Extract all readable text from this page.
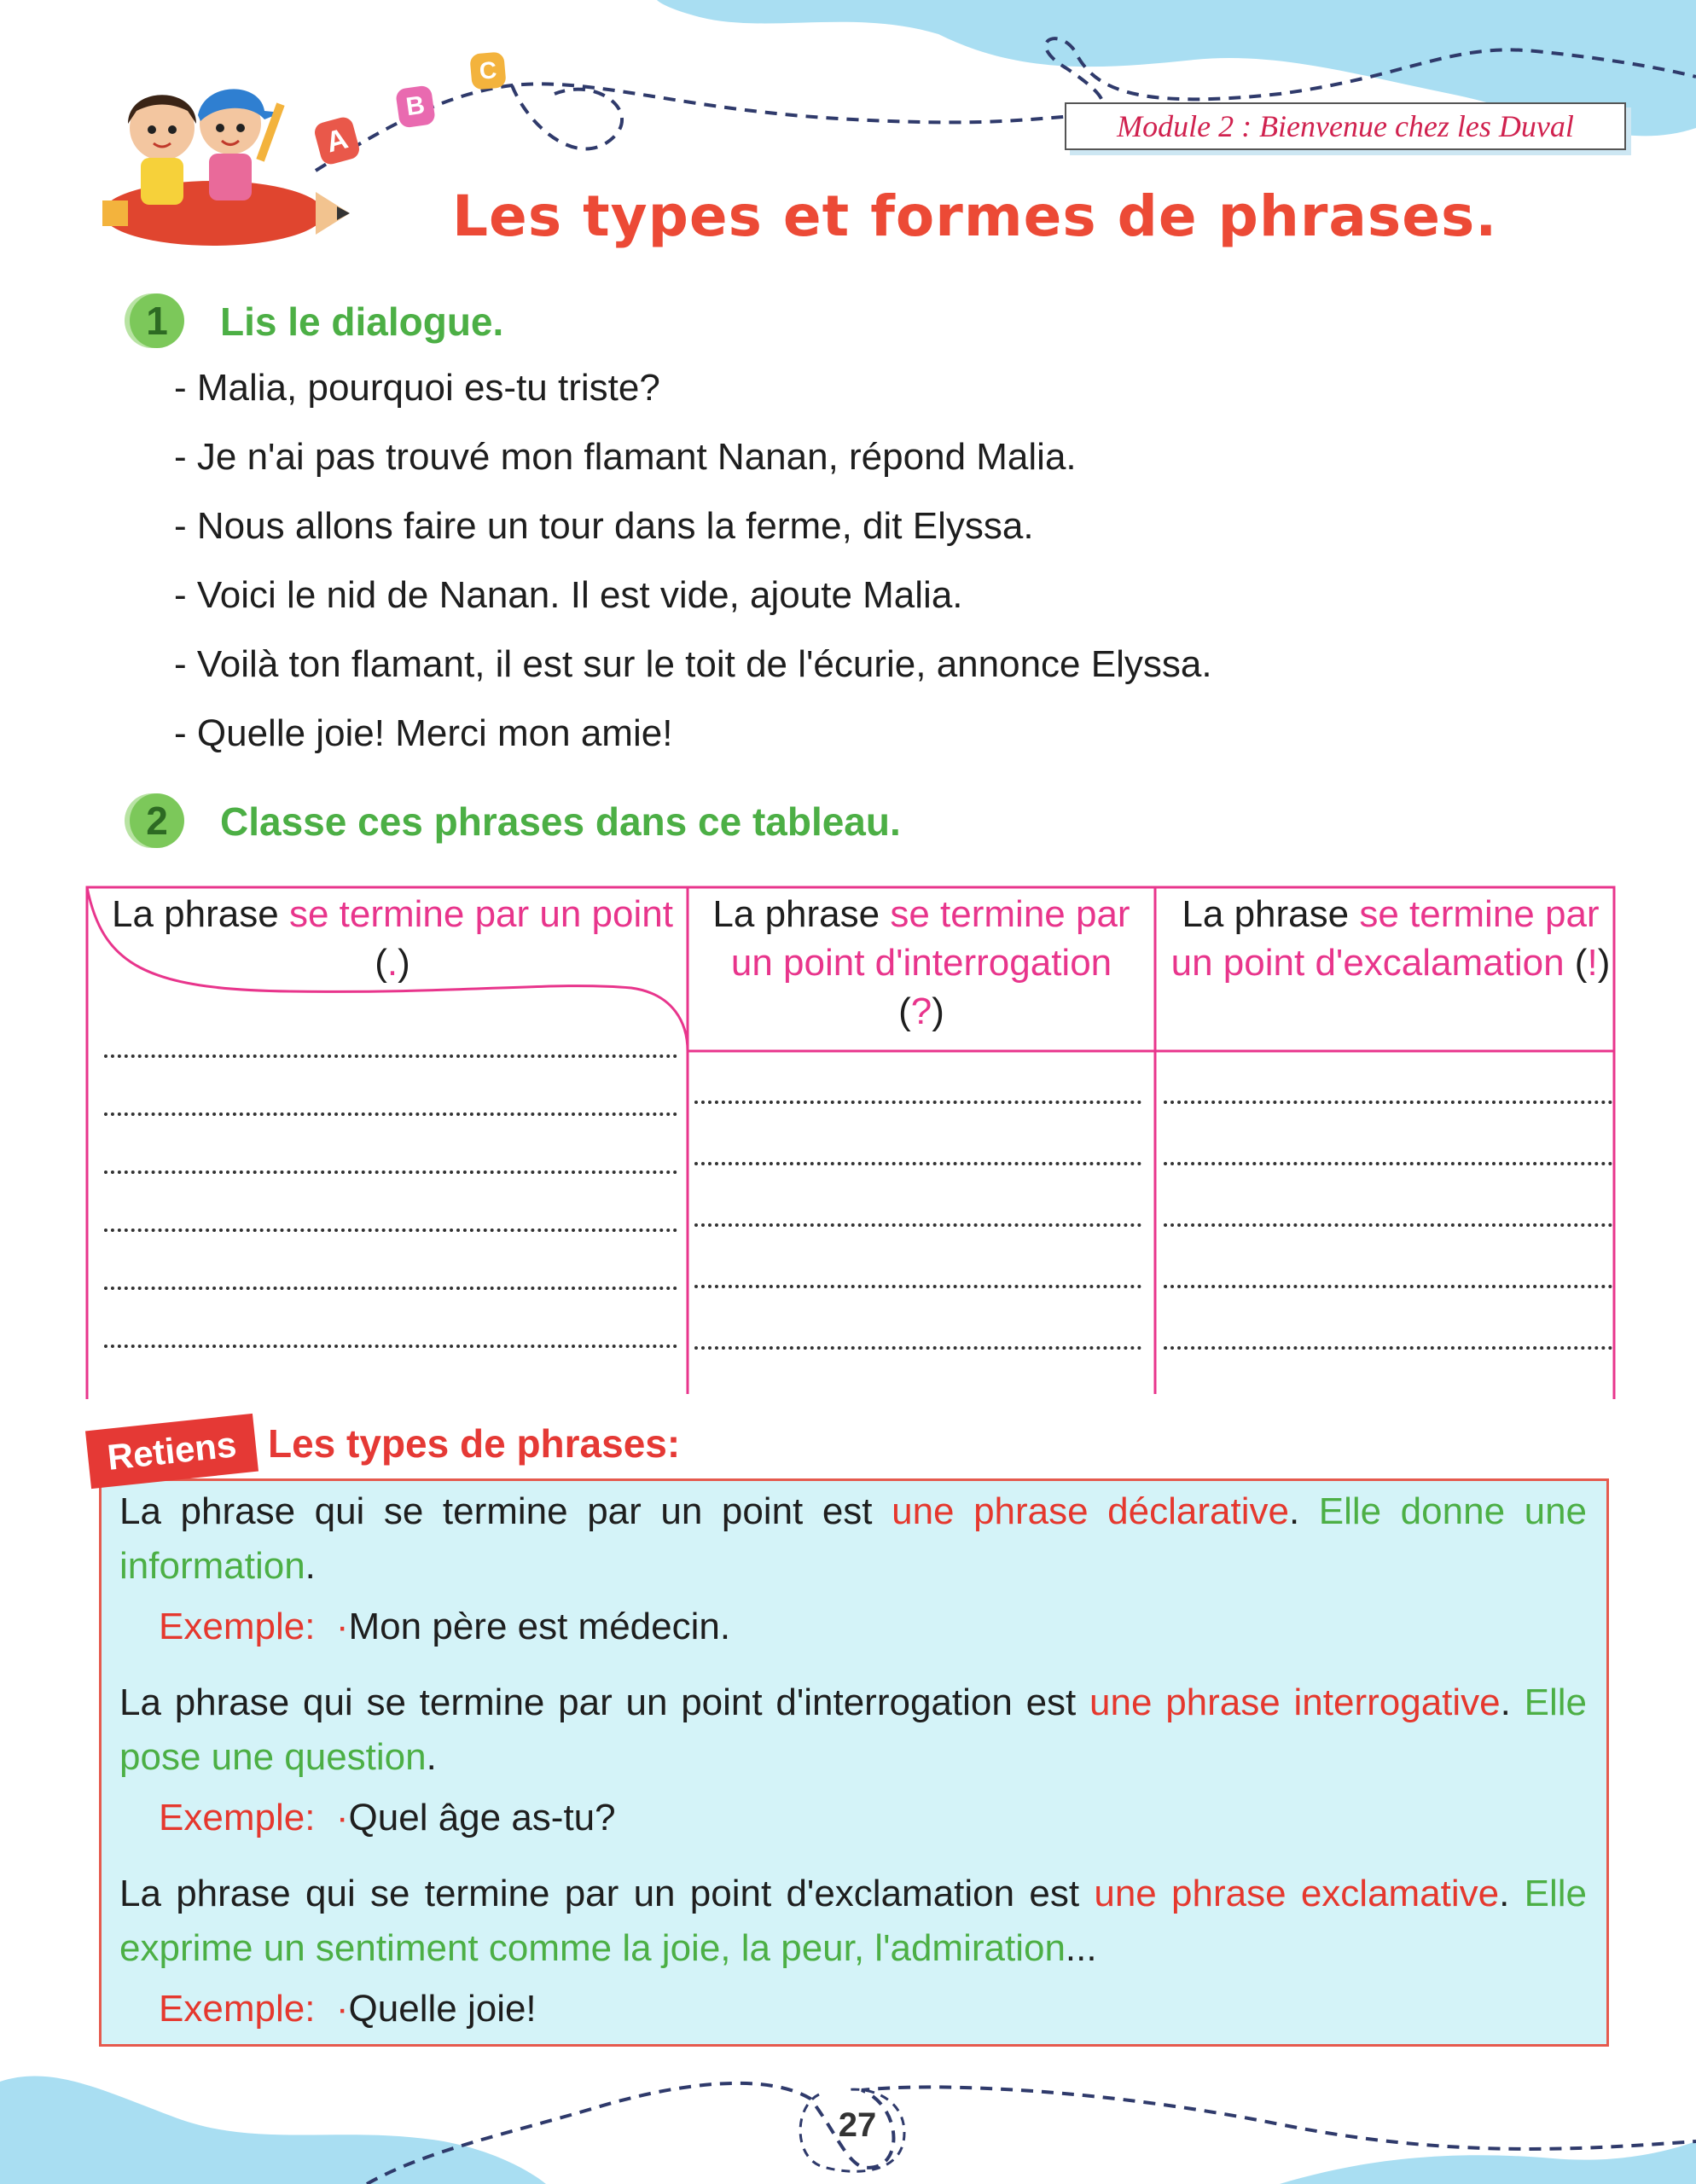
A
B
C
Module 2 : Bienvenue chez les Duval
Les types et formes de phrases.
1	Lis le dialogue.
- Malia, pourquoi es-tu triste?
- Je n'ai pas trouvé mon flamant Nanan, répond Malia.
- Nous allons faire un tour dans la ferme, dit Elyssa.
- Voici le nid de Nanan. Il est vide, ajoute Malia.
- Voilà ton flamant, il est sur le toit de l'écurie, annonce Elyssa.
- Quelle joie! Merci mon amie!
2	Classe ces phrases dans ce tableau.
La phrase se termine par un point (.)
La phrase se termine par un point d'interrogation (?)
La phrase se termine par un point d'excalamation (!)
Retiens Les types de phrases:
La phrase qui se termine par un point est une phrase déclarative. Elle donne une information.
Exemple: ·Mon père est médecin.
La phrase qui se termine par un point d'interrogation est une phrase interrogative. Elle pose une question.
Exemple: ·Quel âge as-tu?
La phrase qui se termine par un point d'exclamation est une phrase exclamative. Elle exprime un sentiment comme la joie, la peur, l'admiration...
Exemple: ·Quelle joie!
27
